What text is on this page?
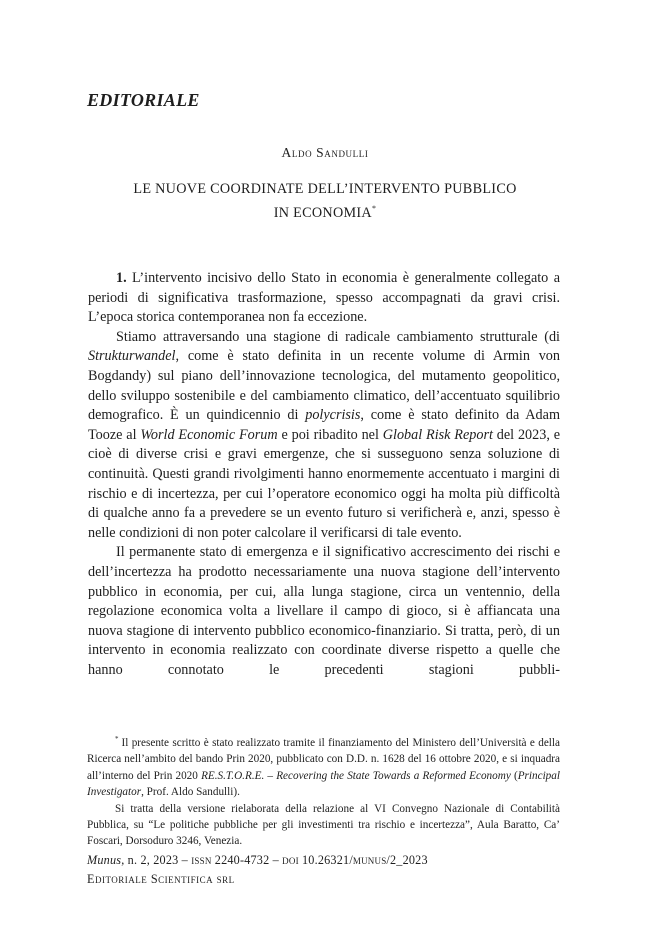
EDITORIALE
Aldo Sandulli
LE NUOVE COORDINATE DELL’INTERVENTO PUBBLICO
IN ECONOMIA*

1. L’intervento incisivo dello Stato in economia è generalmente collegato a periodi di significativa trasformazione, spesso accompagnati da gravi crisi. L’epoca storica contemporanea non fa eccezione.

Stiamo attraversando una stagione di radicale cambiamento strutturale (di Strukturwandel, come è stato definita in un recente volume di Armin von Bogdandy) sul piano dell’innovazione tecnologica, del mutamento geopolitico, dello sviluppo sostenibile e del cambiamento climatico, dell’accentuato squilibrio demografico. È un quindicennio di polycrisis, come è stato definito da Adam Tooze al World Economic Forum e poi ribadito nel Global Risk Report del 2023, e cioè di diverse crisi e gravi emergenze, che si susseguono senza soluzione di continuità. Questi grandi rivolgimenti hanno enormemente accentuato i margini di rischio e di incertezza, per cui l’operatore economico oggi ha molta più difficoltà di qualche anno fa a prevedere se un evento futuro si verificherà e, anzi, spesso è nelle condizioni di non poter calcolare il verificarsi di tale evento.

Il permanente stato di emergenza e il significativo accrescimento dei rischi e dell’incertezza ha prodotto necessariamente una nuova stagione dell’intervento pubblico in economia, per cui, alla lunga stagione, circa un ventennio, della regolazione economica volta a livellare il campo di gioco, si è affiancata una nuova stagione di intervento pubblico economico-finanziario. Si tratta, però, di un intervento in economia realizzato con coordinate diverse rispetto a quelle che hanno connotato le precedenti stagioni pubbli-

* Il presente scritto è stato realizzato tramite il finanziamento del Ministero dell’Università e della Ricerca nell’ambito del bando Prin 2020, pubblicato con D.D. n. 1628 del 16 ottobre 2020, e si inquadra all’interno del Prin 2020 RE.S.T.O.R.E. – Recovering the State Towards a Reformed Economy (Principal Investigator, Prof. Aldo Sandulli).

Si tratta della versione rielaborata della relazione al VI Convegno Nazionale di Contabilità Pubblica, su “Le politiche pubbliche per gli investimenti tra rischio e incertezza”, Aula Baratto, Ca’ Foscari, Dorsoduro 3246, Venezia.

Munus, n. 2, 2023 – issn 2240-4732 – doi 10.26321/munus/2_2023
Editoriale Scientifica srl
